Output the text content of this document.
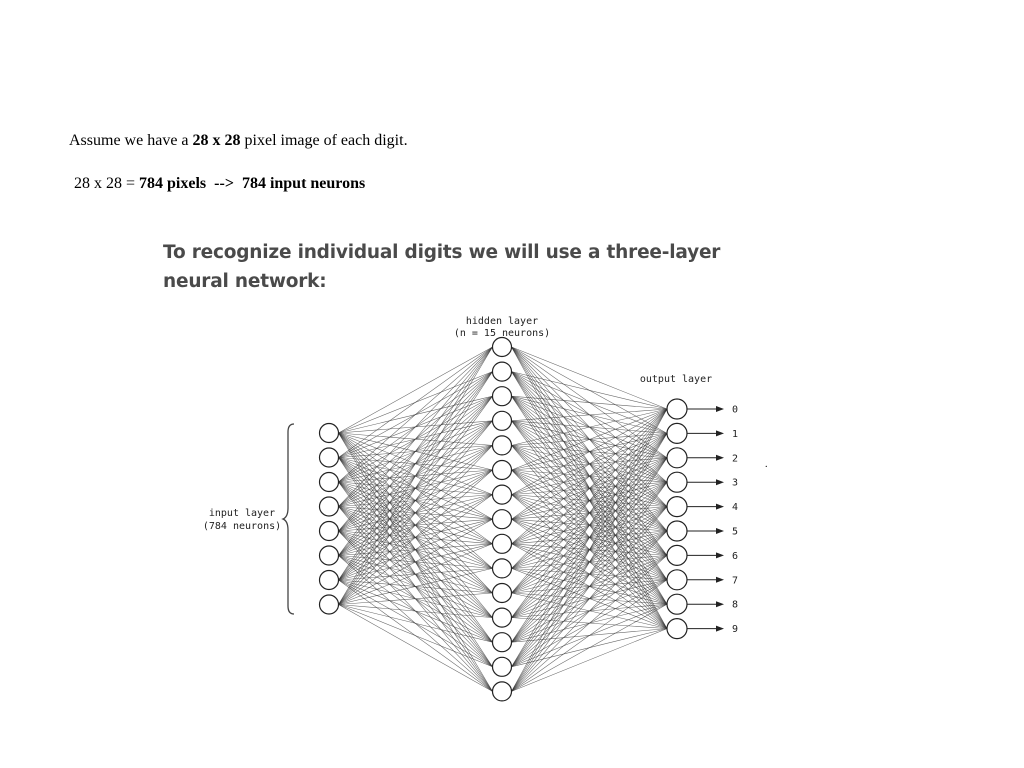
Assume we have a 28 x 28 pixel image of each digit.
28 x 28 = 784 pixels --> 784 input neurons
To recognize individual digits we will use a three-layer neural network:
input layer
(784 neurons)
hidden layer
(n = 15 neurons)
output layer
0
1
2
3
4
5
6
7
8
9
.
